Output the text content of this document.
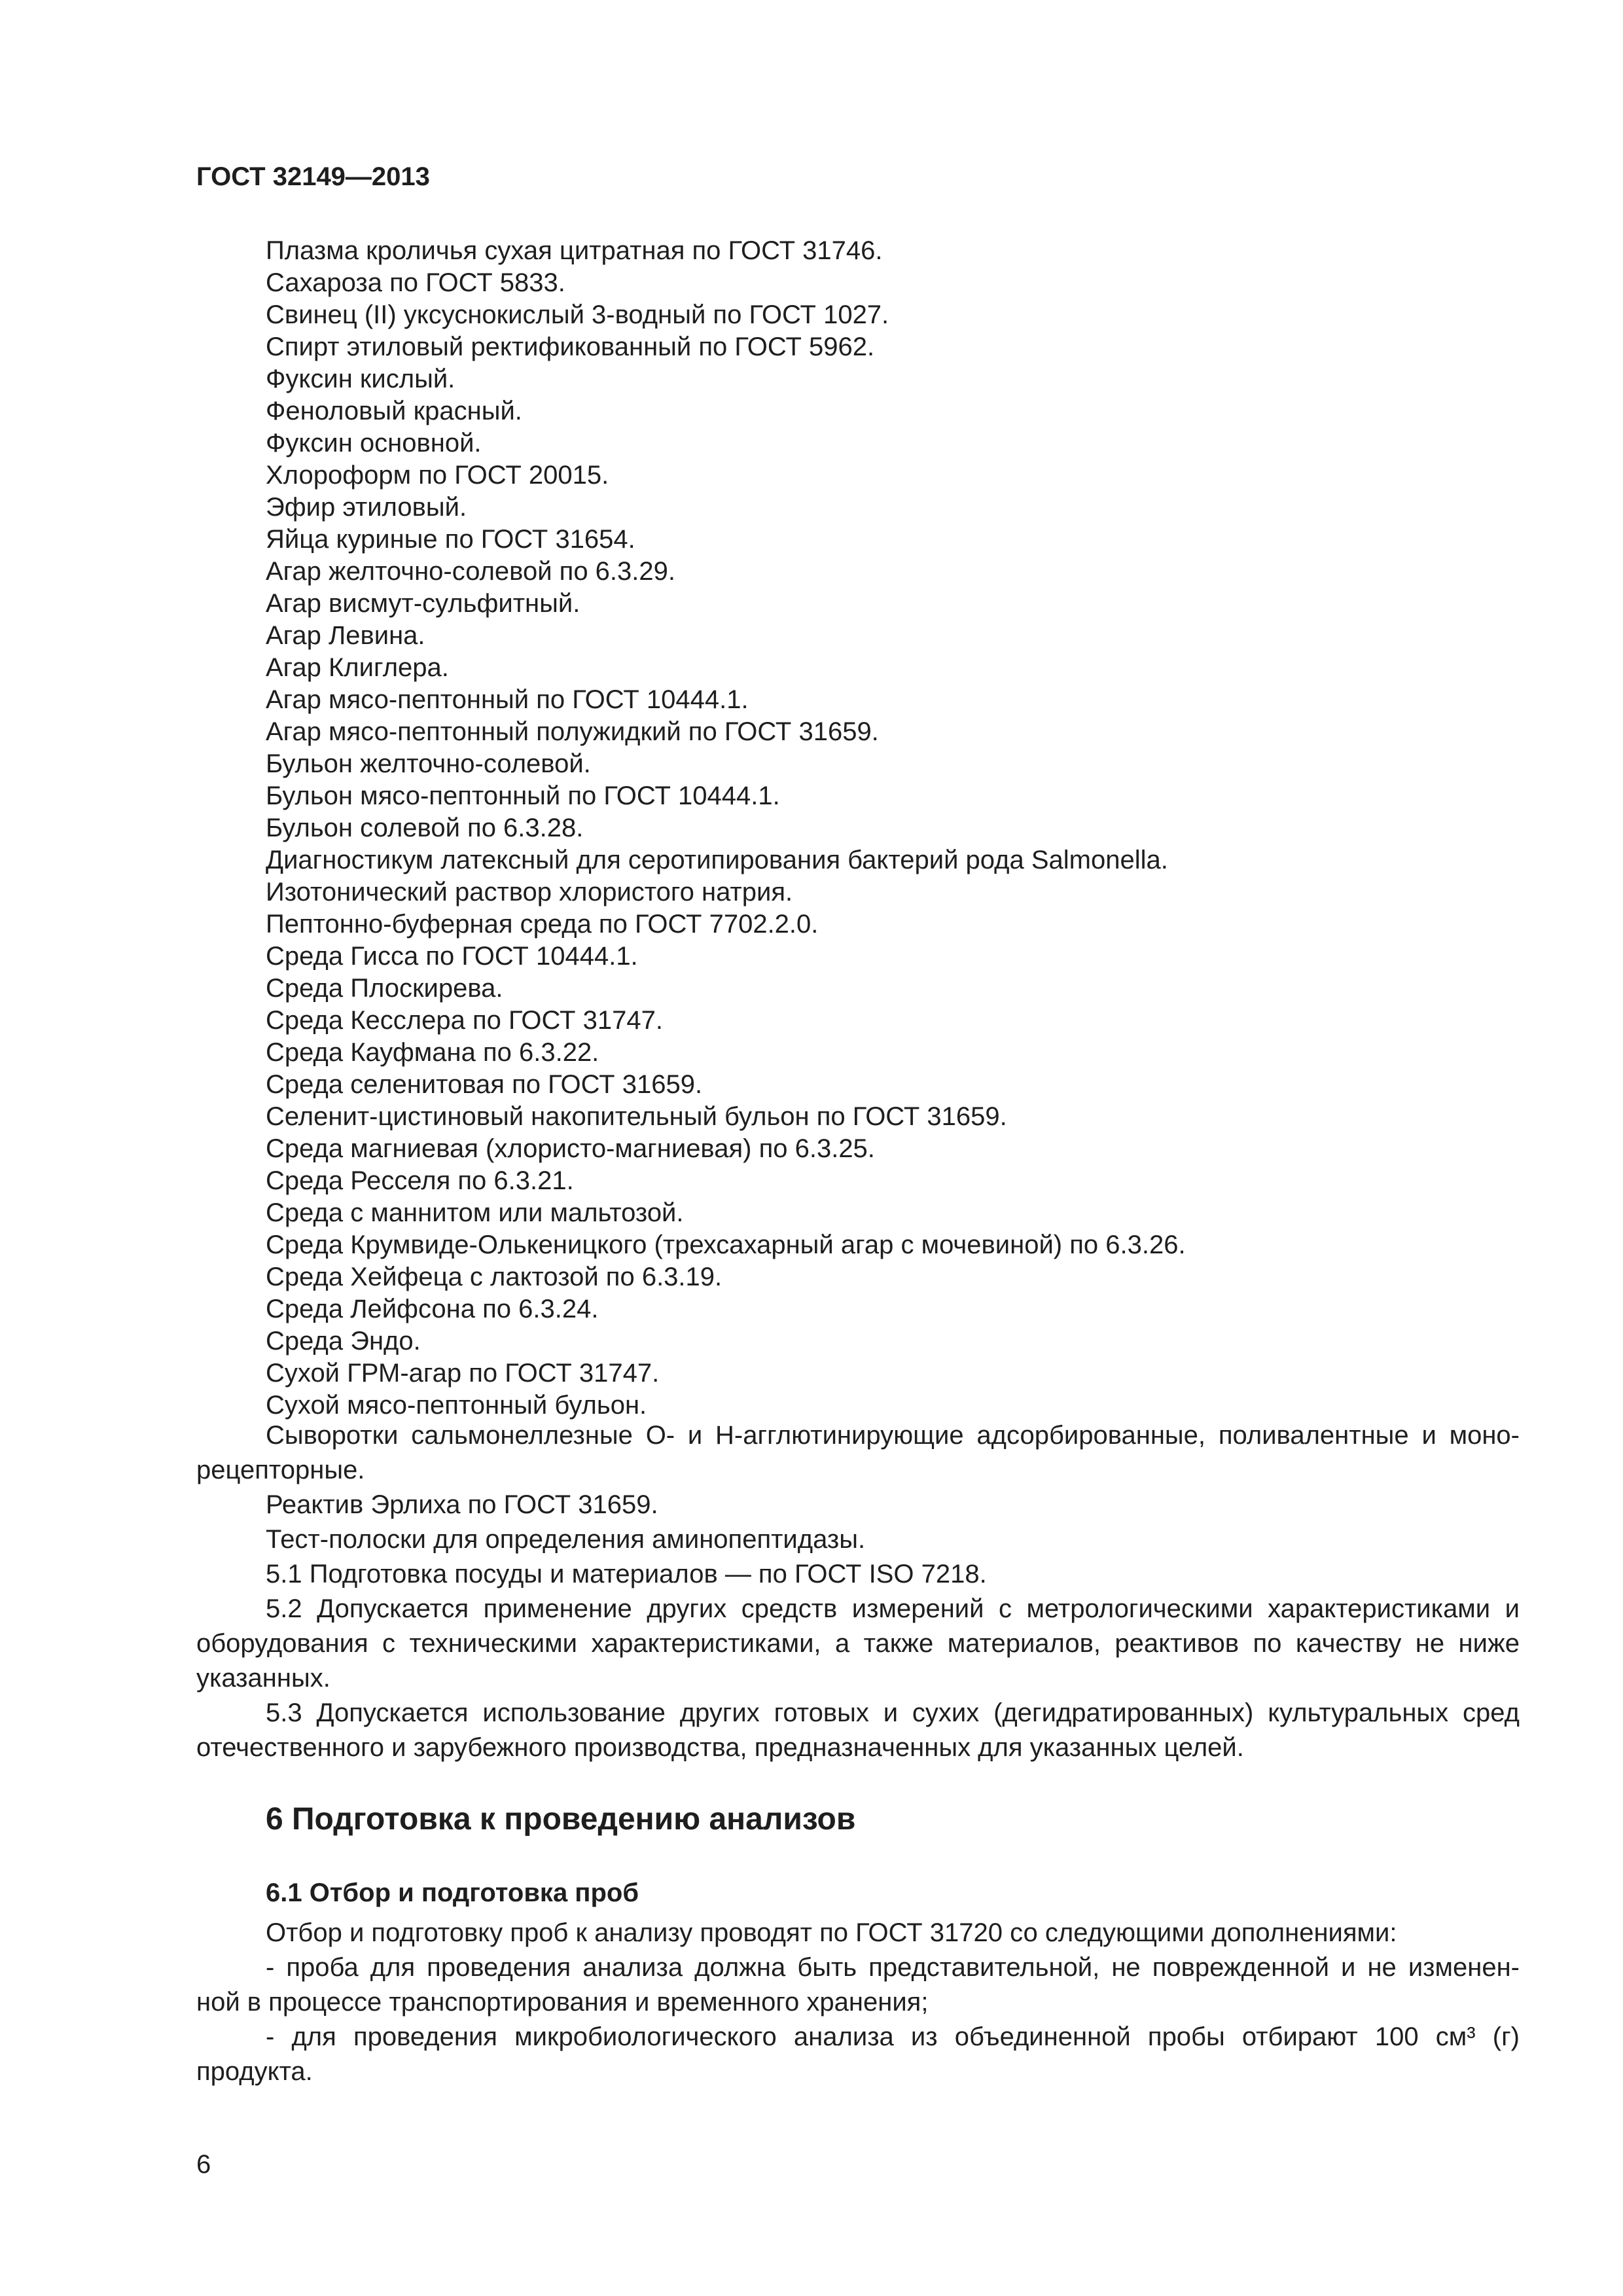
ГОСТ 32149—2013
Плазма кроличья сухая цитратная по ГОСТ 31746.
Сахароза по ГОСТ 5833.
Свинец (II) уксуснокислый 3-водный по ГОСТ 1027.
Спирт этиловый ректификованный по ГОСТ 5962.
Фуксин кислый.
Феноловый красный.
Фуксин основной.
Хлороформ по ГОСТ 20015.
Эфир этиловый.
Яйца куриные по ГОСТ 31654.
Агар желточно-солевой по 6.3.29.
Агар висмут-сульфитный.
Агар Левина.
Агар Клиглера.
Агар мясо-пептонный по ГОСТ 10444.1.
Агар мясо-пептонный полужидкий по ГОСТ 31659.
Бульон желточно-солевой.
Бульон мясо-пептонный по ГОСТ 10444.1.
Бульон солевой по 6.3.28.
Диагностикум латексный для серотипирования бактерий рода Salmonella.
Изотонический раствор хлористого натрия.
Пептонно-буферная среда по ГОСТ 7702.2.0.
Среда Гисса по ГОСТ 10444.1.
Среда Плоскирева.
Среда Кесслера по ГОСТ 31747.
Среда Кауфмана по 6.3.22.
Среда селенитовая по ГОСТ 31659.
Селенит-цистиновый накопительный бульон по ГОСТ 31659.
Среда магниевая (хлористо-магниевая) по 6.3.25.
Среда Ресселя по 6.3.21.
Среда с маннитом или мальтозой.
Среда Крумвиде-Олькеницкого (трехсахарный агар с мочевиной) по 6.3.26.
Среда Хейфеца с лактозой по 6.3.19.
Среда Лейфсона по 6.3.24.
Среда Эндо.
Сухой ГРМ-агар по ГОСТ 31747.
Сухой мясо-пептонный бульон.
Сыворотки сальмонеллезные О- и Н-агглютинирующие адсорбированные, поливалентные и моно-
рецепторные.
Реактив Эрлиха по ГОСТ 31659.
Тест-полоски для определения аминопептидазы.
5.1 Подготовка посуды и материалов — по ГОСТ ISO 7218.
5.2 Допускается применение других средств измерений с метрологическими характеристиками и
оборудования с техническими характеристиками, а также материалов, реактивов по качеству не ниже
указанных.
5.3 Допускается использование других готовых и сухих (дегидратированных) культуральных сред
отечественного и зарубежного производства, предназначенных для указанных целей.
6 Подготовка к проведению анализов
6.1 Отбор и подготовка проб
Отбор и подготовку проб к анализу проводят по ГОСТ 31720 со следующими дополнениями:
- проба для проведения анализа должна быть представительной, не поврежденной и не изменен-
ной в процессе транспортирования и временного хранения;
- для проведения микробиологического анализа из объединенной пробы отбирают 100 см³ (г)
продукта.
6
